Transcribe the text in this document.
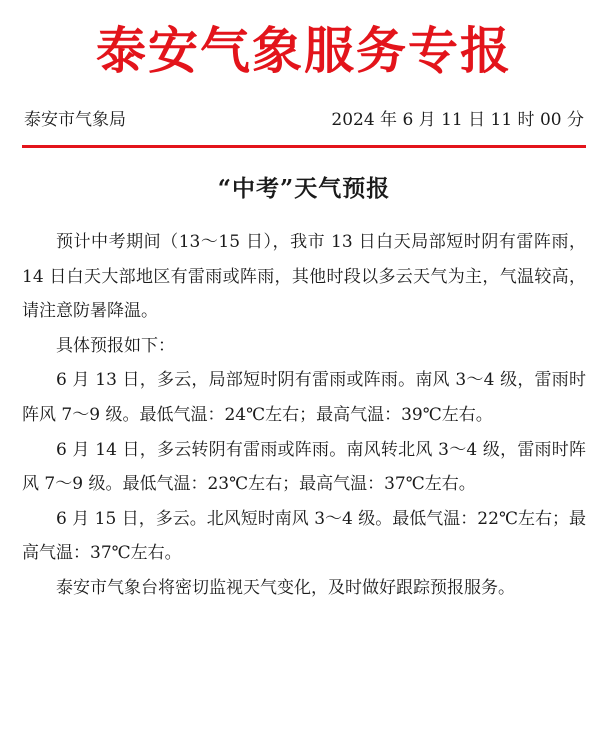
泰安气象服务专报
泰安市气象局	2024 年 6 月 11 日 11 时 00 分
“中考”天气预报

预计中考期间（13～15 日），我市 13 日白天局部短时阴有雷阵雨，14 日白天大部地区有雷雨或阵雨，其他时段以多云天气为主，气温较高，请注意防暑降温。

具体预报如下：

6 月 13 日，多云，局部短时阴有雷雨或阵雨。南风 3～4 级，雷雨时阵风 7～9 级。最低气温：24℃左右；最高气温：39℃左右。

6 月 14 日，多云转阴有雷雨或阵雨。南风转北风 3～4 级，雷雨时阵风 7～9 级。最低气温：23℃左右；最高气温：37℃左右。

6 月 15 日，多云。北风短时南风 3～4 级。最低气温：22℃左右；最高气温：37℃左右。

泰安市气象台将密切监视天气变化，及时做好跟踪预报服务。
